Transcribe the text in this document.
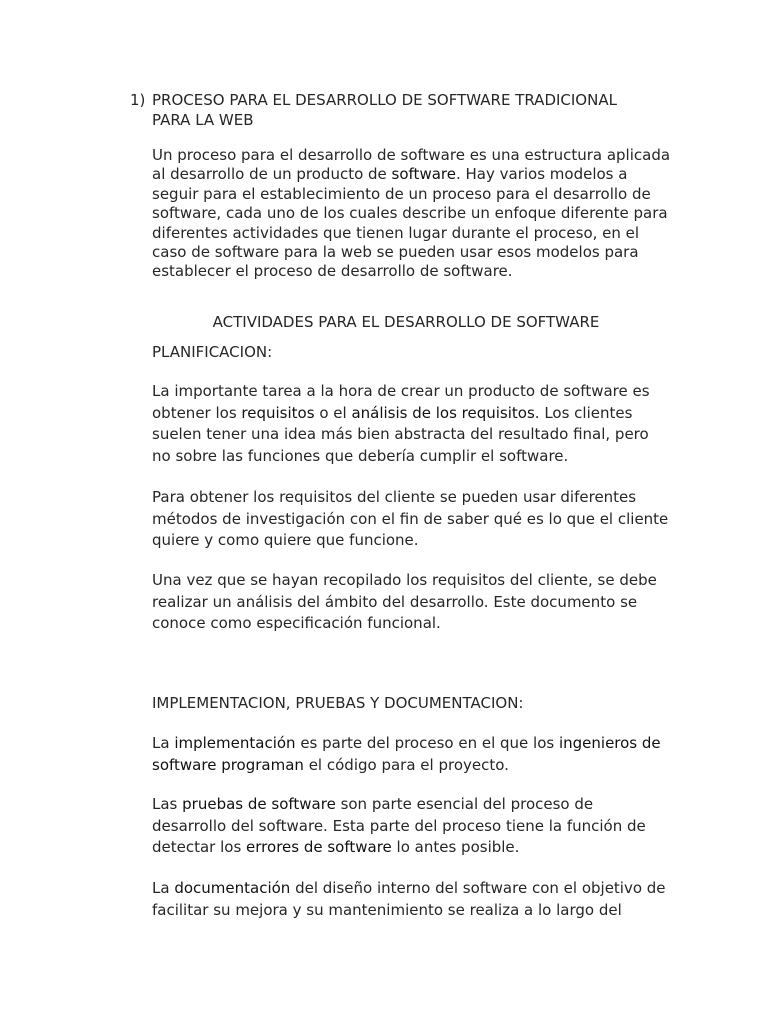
1) PROCESO PARA EL DESARROLLO DE SOFTWARE TRADICIONAL PARA LA WEB
Un proceso para el desarrollo de software es una estructura aplicada al desarrollo de un producto de software. Hay varios modelos a seguir para el establecimiento de un proceso para el desarrollo de software, cada uno de los cuales describe un enfoque diferente para diferentes actividades que tienen lugar durante el proceso, en el caso de software para la web se pueden usar esos modelos para establecer el proceso de desarrollo de software.
ACTIVIDADES PARA EL DESARROLLO DE SOFTWARE
PLANIFICACION:
La importante tarea a la hora de crear un producto de software es obtener los requisitos o el análisis de los requisitos. Los clientes suelen tener una idea más bien abstracta del resultado final, pero no sobre las funciones que debería cumplir el software.
Para obtener los requisitos del cliente se pueden usar diferentes métodos de investigación con el fin de saber qué es lo que el cliente quiere y como quiere que funcione.
Una vez que se hayan recopilado los requisitos del cliente, se debe realizar un análisis del ámbito del desarrollo. Este documento se conoce como especificación funcional.
IMPLEMENTACION, PRUEBAS Y DOCUMENTACION:
La implementación es parte del proceso en el que los ingenieros de software programan el código para el proyecto.
Las pruebas de software son parte esencial del proceso de desarrollo del software. Esta parte del proceso tiene la función de detectar los errores de software lo antes posible.
La documentación del diseño interno del software con el objetivo de facilitar su mejora y su mantenimiento se realiza a lo largo del
